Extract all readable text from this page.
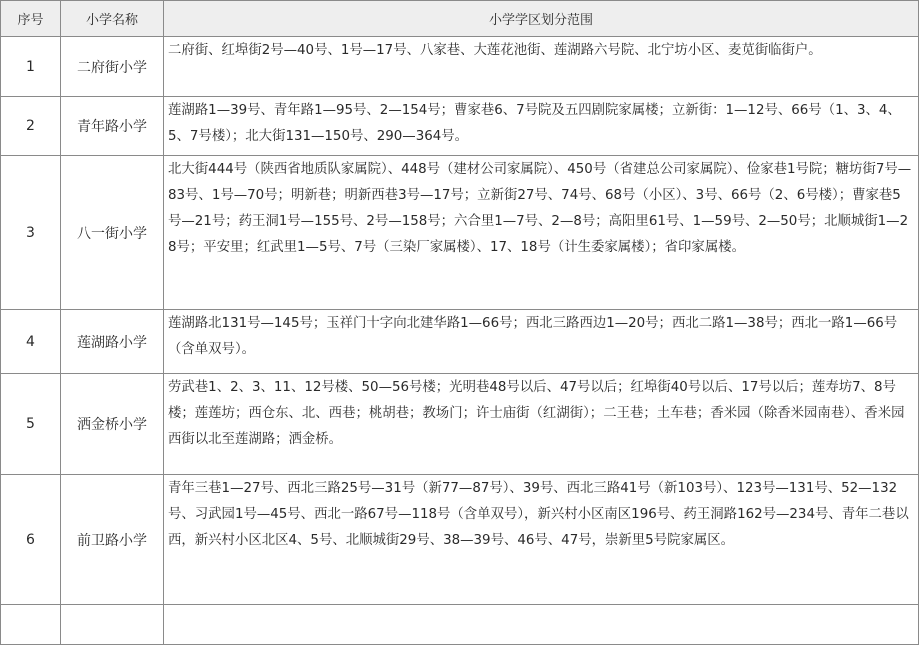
序号	小学名称	小学学区划分范围
1	二府街小学	二府街、红埠街2号—40号、1号—17号、八家巷、大莲花池街、莲湖路六号院、北宁坊小区、麦苋街临街户。
2	青年路小学	莲湖路1—39号、青年路1—95号、2—154号；曹家巷6、7号院及五四剧院家属楼；立新街：1—12号、66号（1、3、4、5、7号楼）；北大街131—150号、290—364号。
3	八一街小学	北大街444号（陕西省地质队家属院）、448号（建材公司家属院）、450号（省建总公司家属院）、俭家巷1号院；糖坊街7号—83号、1号—70号；明新巷；明新西巷3号—17号；立新街27号、74号、68号（小区）、3号、66号（2、6号楼）；曹家巷5号—21号；药王洞1号—155号、2号—158号；六合里1—7号、2—8号；高阳里61号、1—59号、2—50号；北顺城街1—28号；平安里；红武里1—5号、7号（三染厂家属楼）、17、18号（计生委家属楼）；省印家属楼。
4	莲湖路小学	莲湖路北131号—145号；玉祥门十字向北建华路1—66号；西北三路西边1—20号；西北二路1—38号；西北一路1—66号（含单双号）。
5	洒金桥小学	劳武巷1、2、3、11、12号楼、50—56号楼；光明巷48号以后、47号以后；红埠街40号以后、17号以后；莲寿坊7、8号楼；莲莲坊；西仓东、北、西巷；桃胡巷；教场门；许士庙街（红湖街）；二王巷；土车巷；香米园（除香米园南巷）、香米园西街以北至莲湖路；洒金桥。
6	前卫路小学	青年三巷1—27号、西北三路25号—31号（新77—87号）、39号、西北三路41号（新103号）、123号—131号、52—132号、习武园1号—45号、西北一路67号—118号（含单双号），新兴村小区南区196号、药王洞路162号—234号、青年二巷以西，新兴村小区北区4、5号、北顺城街29号、38—39号、46号、47号，崇新里5号院家属区。
